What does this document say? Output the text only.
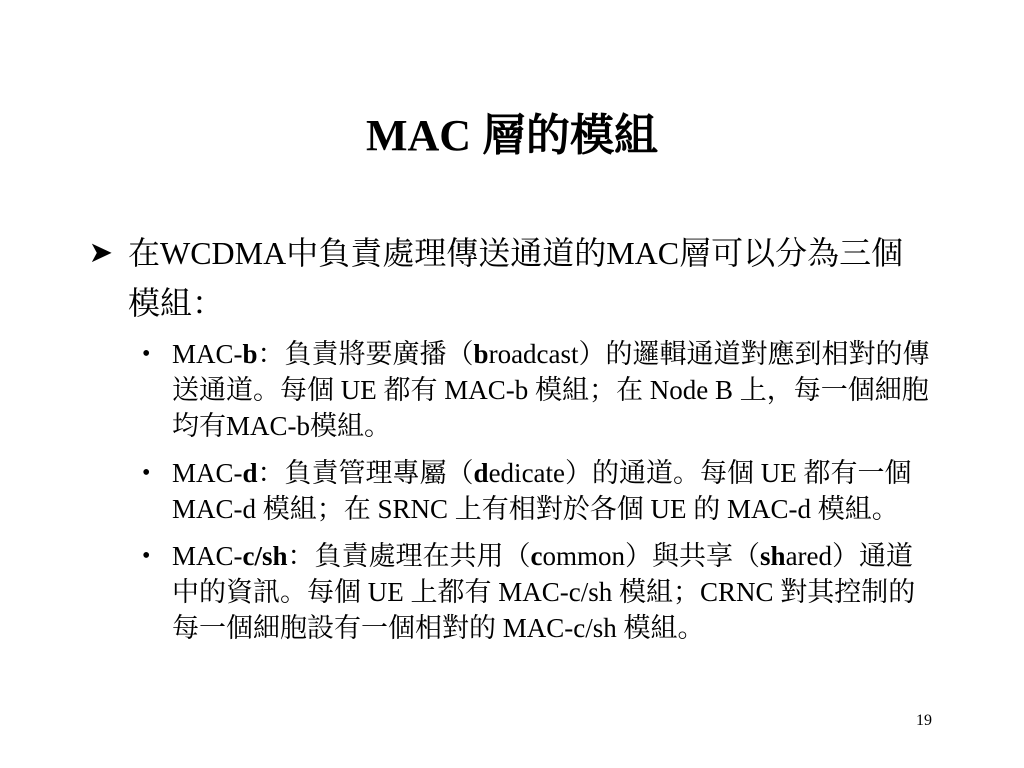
MAC 層的模組
➤ 在WCDMA中負責處理傳送通道的MAC層可以分為三個模組：
• MAC-b：負責將要廣播（broadcast）的邏輯通道對應到相對的傳送通道。每個 UE 都有 MAC-b 模組；在 Node B 上，每一個細胞均有MAC-b模組。
• MAC-d：負責管理專屬（dedicate）的通道。每個 UE 都有一個 MAC-d 模組；在 SRNC 上有相對於各個 UE 的 MAC-d 模組。
• MAC-c/sh：負責處理在共用（common）與共享（shared）通道中的資訊。每個 UE 上都有 MAC-c/sh 模組；CRNC 對其控制的每一個細胞設有一個相對的 MAC-c/sh 模組。
19
